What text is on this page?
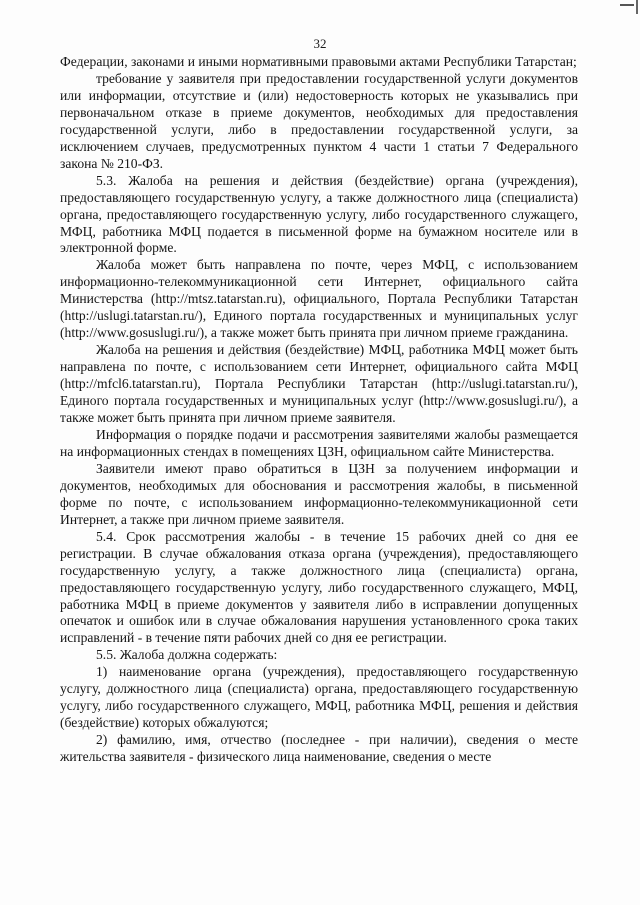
32

Федерации, законами и иными нормативными правовыми актами Республики Татарстан;

требование у заявителя при предоставлении государственной услуги документов или информации, отсутствие и (или) недостоверность которых не указывались при первоначальном отказе в приеме документов, необходимых для предоставления государственной услуги, либо в предоставлении государственной услуги, за исключением случаев, предусмотренных пунктом 4 части 1 статьи 7 Федерального закона № 210-ФЗ.

5.3. Жалоба на решения и действия (бездействие) органа (учреждения), предоставляющего государственную услугу, а также должностного лица (специалиста) органа, предоставляющего государственную услугу, либо государственного служащего, МФЦ, работника МФЦ подается в письменной форме на бумажном носителе или в электронной форме.

Жалоба может быть направлена по почте, через МФЦ, с использованием информационно-телекоммуникационной сети Интернет, официального сайта Министерства (http://mtsz.tatarstan.ru), официального, Портала Республики Татарстан (http://uslugi.tatarstan.ru/), Единого портала государственных и муниципальных услуг (http://www.gosuslugi.ru/), а также может быть принята при личном приеме гражданина.

Жалоба на решения и действия (бездействие) МФЦ, работника МФЦ может быть направлена по почте, с использованием сети Интернет, официального сайта МФЦ (http://mfcl6.tatarstan.ru), Портала Республики Татарстан (http://uslugi.tatarstan.ru/), Единого портала государственных и муниципальных услуг (http://www.gosuslugi.ru/), а также может быть принята при личном приеме заявителя.

Информация о порядке подачи и рассмотрения заявителями жалобы размещается на информационных стендах в помещениях ЦЗН, официальном сайте Министерства.

Заявители имеют право обратиться в ЦЗН за получением информации и документов, необходимых для обоснования и рассмотрения жалобы, в письменной форме по почте, с использованием информационно-телекоммуникационной сети Интернет, а также при личном приеме заявителя.

5.4. Срок рассмотрения жалобы - в течение 15 рабочих дней со дня ее регистрации. В случае обжалования отказа органа (учреждения), предоставляющего государственную услугу, а также должностного лица (специалиста) органа, предоставляющего государственную услугу, либо государственного служащего, МФЦ, работника МФЦ в приеме документов у заявителя либо в исправлении допущенных опечаток и ошибок или в случае обжалования нарушения установленного срока таких исправлений - в течение пяти рабочих дней со дня ее регистрации.

5.5. Жалоба должна содержать:

1) наименование органа (учреждения), предоставляющего государственную услугу, должностного лица (специалиста) органа, предоставляющего государственную услугу, либо государственного служащего, МФЦ, работника МФЦ, решения и действия (бездействие) которых обжалуются;

2) фамилию, имя, отчество (последнее - при наличии), сведения о месте жительства заявителя - физического лица наименование, сведения о месте
